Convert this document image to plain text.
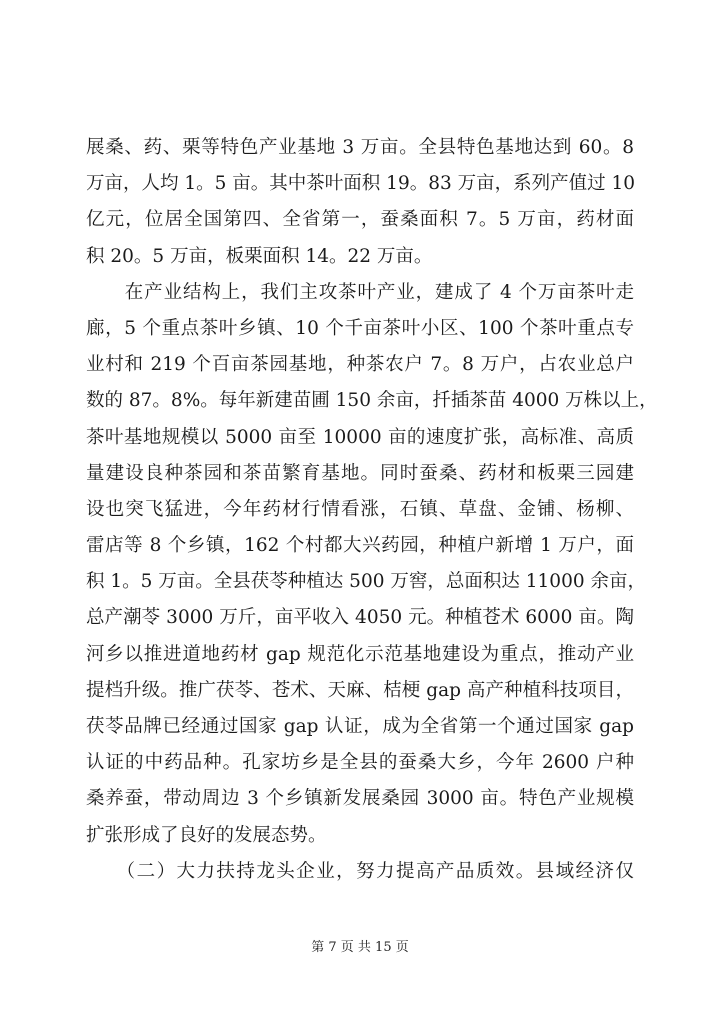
展桑、药、栗等特色产业基地 3 万亩。全县特色基地达到 60。8
万亩，人均 1。5 亩。其中茶叶面积 19。83 万亩，系列产值过 10
亿元，位居全国第四、全省第一，蚕桑面积 7。5 万亩，药材面
积 20。5 万亩，板栗面积 14。22 万亩。
　　在产业结构上，我们主攻茶叶产业，建成了 4 个万亩茶叶走
廊，5 个重点茶叶乡镇、10 个千亩茶叶小区、100 个茶叶重点专
业村和 219 个百亩茶园基地，种茶农户 7。8 万户，占农业总户
数的 87。8%。每年新建苗圃 150 余亩，扦插茶苗 4000 万株以上，
茶叶基地规模以 5000 亩至 10000 亩的速度扩张，高标准、高质
量建设良种茶园和茶苗繁育基地。同时蚕桑、药材和板栗三园建
设也突飞猛进，今年药材行情看涨，石镇、草盘、金铺、杨柳、
雷店等 8 个乡镇，162 个村都大兴药园，种植户新增 1 万户，面
积 1。5 万亩。全县茯苓种植达 500 万窖，总面积达 11000 余亩，
总产潮苓 3000 万斤，亩平收入 4050 元。种植苍术 6000 亩。陶
河乡以推进道地药材 gap 规范化示范基地建设为重点，推动产业
提档升级。推广茯苓、苍术、天麻、桔梗 gap 高产种植科技项目，
茯苓品牌已经通过国家 gap 认证，成为全省第一个通过国家 gap
认证的中药品种。孔家坊乡是全县的蚕桑大乡，今年 2600 户种
桑养蚕，带动周边 3 个乡镇新发展桑园 3000 亩。特色产业规模
扩张形成了良好的发展态势。
　　（二）大力扶持龙头企业，努力提高产品质效。县域经济仅
第 7 页 共 15 页
